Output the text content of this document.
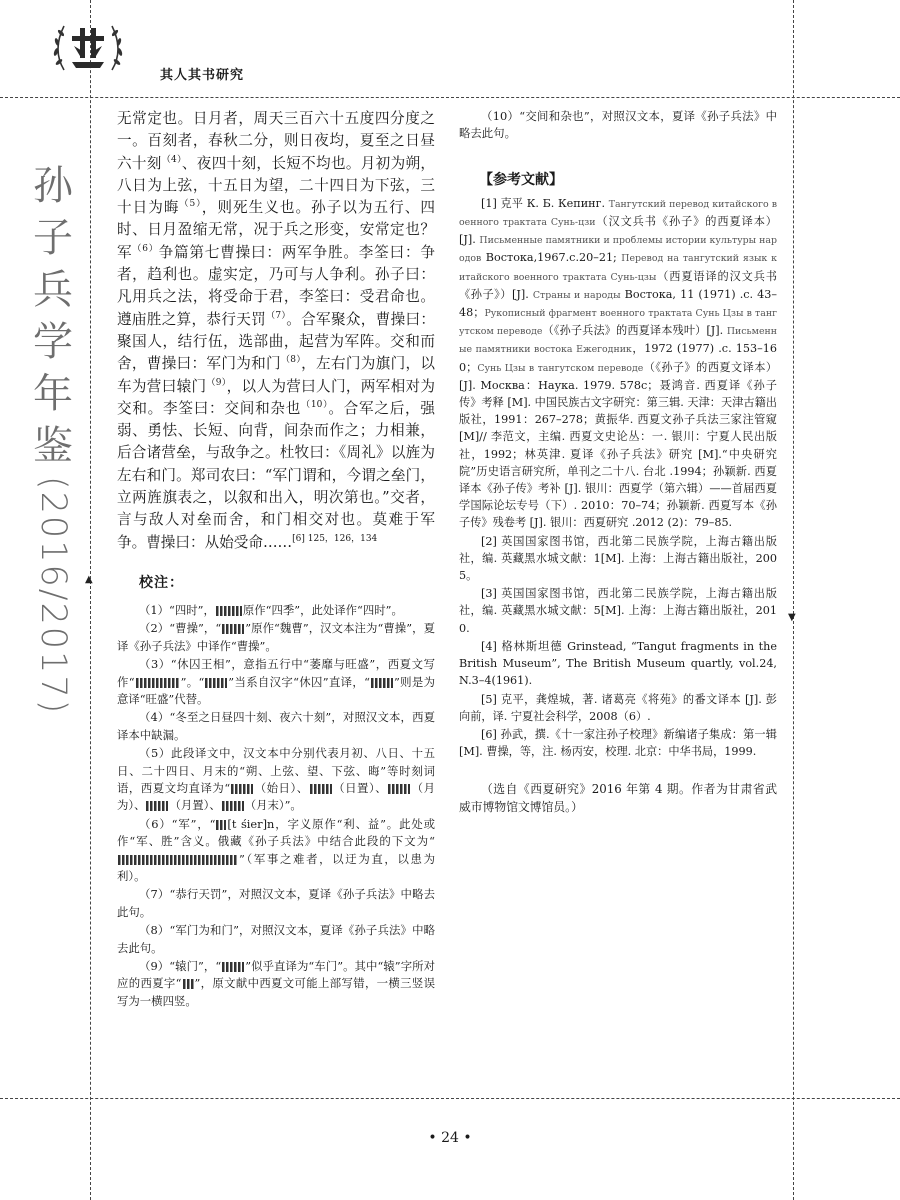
其人其书研究
孙
子
兵
学
年
鉴
(2016/2017) ▲
▼

无常定也。日月者，周天三百六十五度四分度之一。百刻者，春秋二分，则日夜均，夏至之日昼六十刻$^{(4)}$、夜四十刻，长短不均也。月初为朔，八日为上弦，十五日为望，二十四日为下弦，三十日为晦$^{(5)}$，则死生义也。孙子以为五行、四时、日月盈缩无常，况于兵之形变，安常定也？军$^{(6)}$争篇第七曹操曰：两军争胜。李筌曰：争者，趋利也。虚实定，乃可与人争利。孙子曰：凡用兵之法，将受命于君，李筌曰：受君命也。遵庙胜之算，恭行天罚$^{(7)}$。合军聚众，曹操曰：聚国人，结行伍，选部曲，起营为军阵。交和而舍，曹操曰：军门为和门$^{(8)}$，左右门为旗门，以车为营曰辕门$^{(9)}$，以人为营曰人门，两军相对为交和。李筌曰：交间和杂也$^{(10)}$。合军之后，强弱、勇怯、长短、向背，间杂而作之；力相兼，后合诸营垒，与敌争之。杜牧曰：《周礼》以旌为左右和门。郑司农曰：“军门谓和，今谓之垒门，立两旌旗表之，以叙和出入，明次第也。”交者，言与敌人对垒而舍，和门相交对也。莫难于军争。曹操曰：从始受命……$^{[6] 125,126,134}$

校注：

（1）“四时”， 原作“四季”，此处译作“四时”。

（2）“曹操”，“ ”原作“魏曹”，汉文本注为“曹操”，夏译《孙子兵法》中译作“曹操”。

（3）“休囚王相”，意指五行中“萎靡与旺盛”，西夏文写作“	”。“ ”当系自汉字“休囚”直译，“ ”则是为意译“旺盛”代替。

（4）“冬至之日昼四十刻、夜六十刻”，对照汉文本，西夏译本中缺漏。

（5）此段译文中，汉文本中分别代表月初、八日、十五日、二十四日、月末的“朔、上弦、望、下弦、晦”等时刻词语，西夏文均直译为“ （始日）、 （日置）、 （月为）、 （月置）、 （月末）”。

（6）“军”，“ [t śier]n，字义原作“利、益”。此处或作“军、胜”含义。俄藏《孙子兵法》中结合此段的下文为“”（军事之难者，以迂为直，以患为利）。

（7）“恭行天罚”，对照汉文本，夏译《孙子兵法》中略去此句。

（8）“军门为和门”，对照汉文本，夏译《孙子兵法》中略去此句。

（9）“辕门”，“ ”似乎直译为“车门”。其中“辕”字所对应的西夏字“ ”，原文献中西夏文可能上部写错，一横三竖误写为一横四竖。

（10）“交间和杂也”，对照汉文本，夏译《孙子兵法》中略去此句。

【参考文献】

[1] 克平 К. Б. Кепинг. Тангутский перевод китайского военного трактата Сунь-цзи（汉文兵书《孙子》的西夏译本）[J]. Письменные памятники и проблемы истории культуры народов Востока,1967.с.20–21; Перевод на тангутский язык китайского военного трактата Сунь-цзы（西夏语译的汉文兵书《孙子》）[J]. Страны и народы Востока, 11 (1971) .с. 43–48；Рукописный фрагмент военного трактата Сунь Цзы в тангутском переводе（《孙子兵法》的西夏译本残叶）[J]. Письменные памятники востока Ежегодник，1972 (1977) .с. 153–160；Сунь Цзы в тангутском переводе（《孙子》的西夏文译本）[J]. Москва：Наука. 1979. 578с；聂鸿音. 西夏译《孙子传》考释 [M]. 中国民族古文字研究：第三辑. 天津：天津古籍出版社，1991：267–278；黄振华. 西夏文孙子兵法三家注管窥 [M]// 李范文，主编. 西夏文史论丛：一. 银川：宁夏人民出版社，1992；林英津. 夏译《孙子兵法》研究 [M].“中央研究院”历史语言研究所，单刊之二十八. 台北 .1994；孙颖新. 西夏译本《孙子传》考补 [J]. 银川：西夏学（第六辑）——首届西夏学国际论坛专号（下）. 2010：70–74；孙颖新. 西夏写本《孙子传》残卷考 [J]. 银川：西夏研究 .2012 (2)：79–85.

[2] 英国国家图书馆，西北第二民族学院，上海古籍出版社，编. 英藏黑水城文献：1[M]. 上海：上海古籍出版社，2005。

[3] 英国国家图书馆，西北第二民族学院，上海古籍出版社，编. 英藏黑水城文献：5[M]. 上海：上海古籍出版社，2010.

[4] 格林斯坦德 Grinstead, “Tangut fragments in the British Museum”, The British Museum quartly, vol.24,N.3–4(1961).

[5] 克平，龚煌城，著. 诸葛亮《将苑》的番文译本 [J]. 彭向前，译. 宁夏社会科学，2008（6）.

[6] 孙武，撰.《十一家注孙子校理》新编诸子集成：第一辑 [M]. 曹操，等，注. 杨丙安，校理. 北京：中华书局，1999.

（选自《西夏研究》2016 年第 4 期。作者为甘肃省武威市博物馆文博馆员。）

• 24 •
